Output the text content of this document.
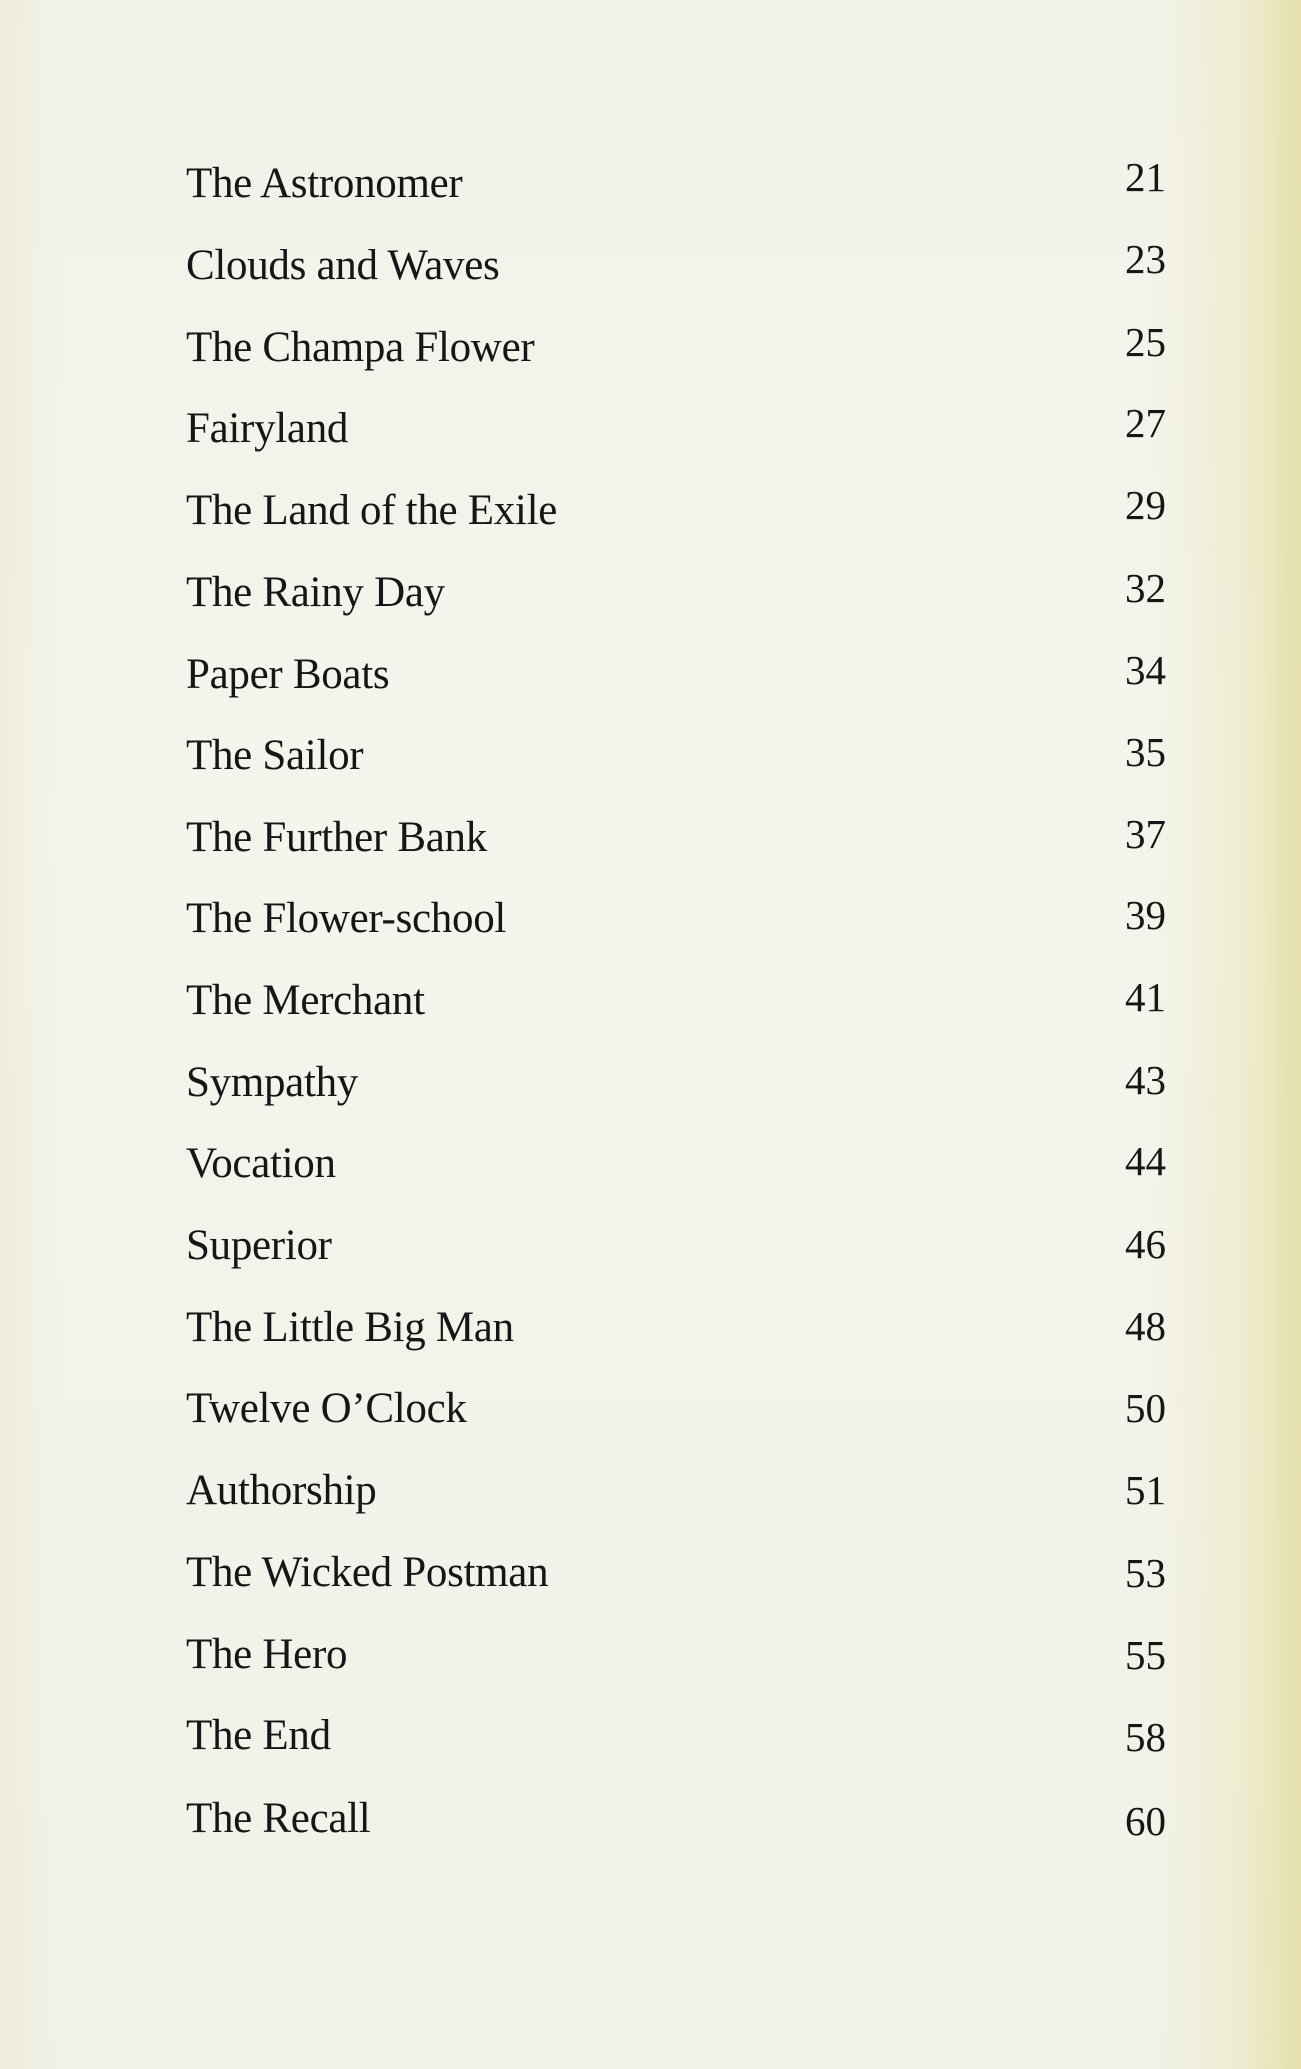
The Astronomer	21
Clouds and Waves	23
The Champa Flower	25
Fairyland	27
The Land of the Exile	29
The Rainy Day	32
Paper Boats	34
The Sailor	35
The Further Bank	37
The Flower-school	39
The Merchant	41
Sympathy	43
Vocation	44
Superior	46
The Little Big Man	48
Twelve O’Clock	50
Authorship	51
The Wicked Postman	53
The Hero	55
The End	58
The Recall	60
